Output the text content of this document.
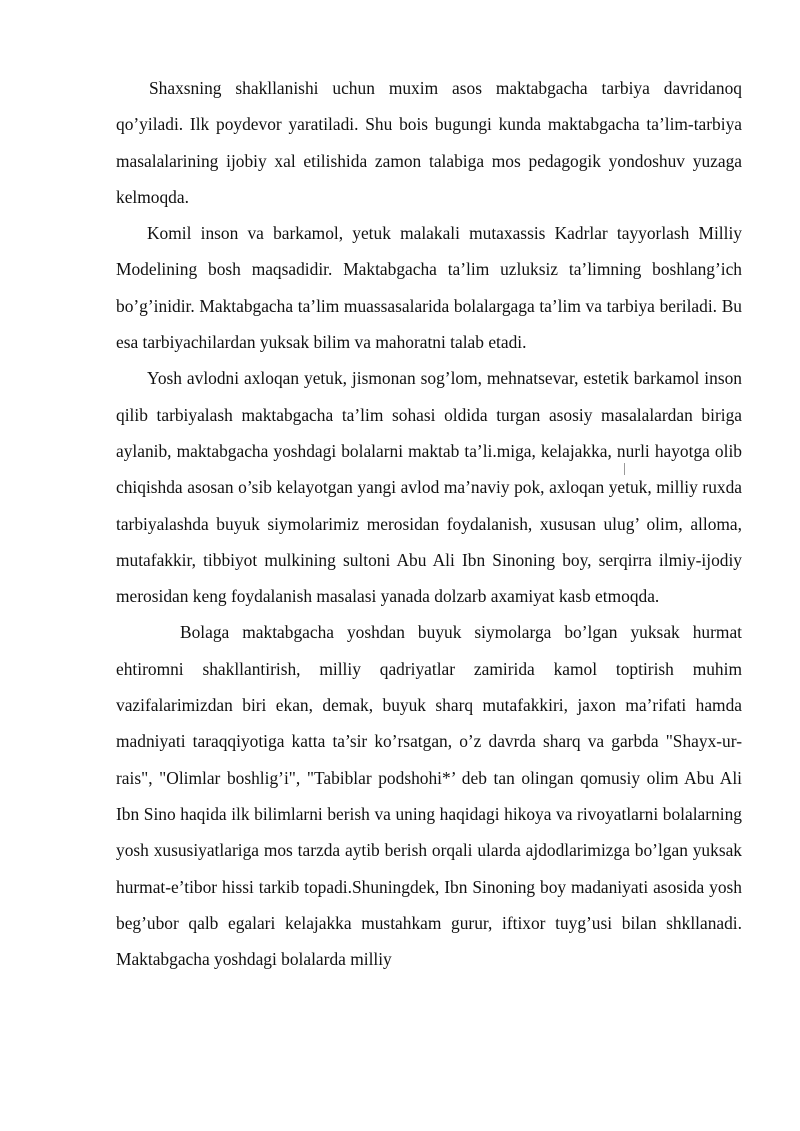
Shaxsning shakllanishi uchun muxim asos maktabgacha tarbiya davridanoq qo’yiladi. Ilk poydevor yaratiladi. Shu bois bugungi kunda maktabgacha ta’lim-tarbiya masalalarining ijobiy xal etilishida zamon talabiga mos pedagogik yondoshuv yuzaga kelmoqda.

Komil inson va barkamol, yetuk malakali mutaxassis Kadrlar tayyorlash Milliy Modelining bosh maqsadidir. Maktabgacha ta’lim uzluksiz ta’limning boshlang’ich bo’g’inidir. Maktabgacha ta’lim muassasalarida bolalargaga ta’lim va tarbiya beriladi. Bu esa tarbiyachilardan yuksak bilim va mahoratni talab etadi.

Yosh avlodni axloqan yetuk, jismonan sog’lom, mehnatsevar, estetik barkamol inson qilib tarbiyalash maktabgacha ta’lim sohasi oldida turgan asosiy masalalardan biriga aylanib, maktabgacha yoshdagi bolalarni maktab ta’li.miga, kelajakka, nurli hayotga olib chiqishda asosan o’sib kelayotgan yangi avlod ma’naviy pok, axloqan yetuk, milliy ruxda tarbiyalashda buyuk siymolarimiz merosidan foydalanish, xususan ulug’ olim, alloma, mutafakkir, tibbiyot mulkining sultoni Abu Ali Ibn Sinoning boy, serqirra ilmiy-ijodiy merosidan keng foydalanish masalasi yanada dolzarb axamiyat kasb etmoqda.

Bolaga maktabgacha yoshdan buyuk siymolarga bo’lgan yuksak hurmat ehtiromni shakllantirish, milliy qadriyatlar zamirida kamol toptirish muhim vazifalarimizdan biri ekan, demak, buyuk sharq mutafakkiri, jaxon ma’rifati hamda madniyati taraqqiyotiga katta ta’sir ko’rsatgan, o’z davrda sharq va garbda "Shayx-ur-rais", "Olimlar boshlig’i", "Tabiblar podshohi*’ deb tan olingan qomusiy olim Abu Ali Ibn Sino haqida ilk bilimlarni berish va uning haqidagi hikoya va rivoyatlarni bolalarning yosh xususiyatlariga mos tarzda aytib berish orqali ularda ajdodlarimizga bo’lgan yuksak hurmat-e’tibor hissi tarkib topadi.Shuningdek, Ibn Sinoning boy madaniyati asosida yosh beg’ubor qalb egalari kelajakka mustahkam gurur, iftixor tuyg’usi bilan shkllanadi. Maktabgacha yoshdagi bolalarda milliy
